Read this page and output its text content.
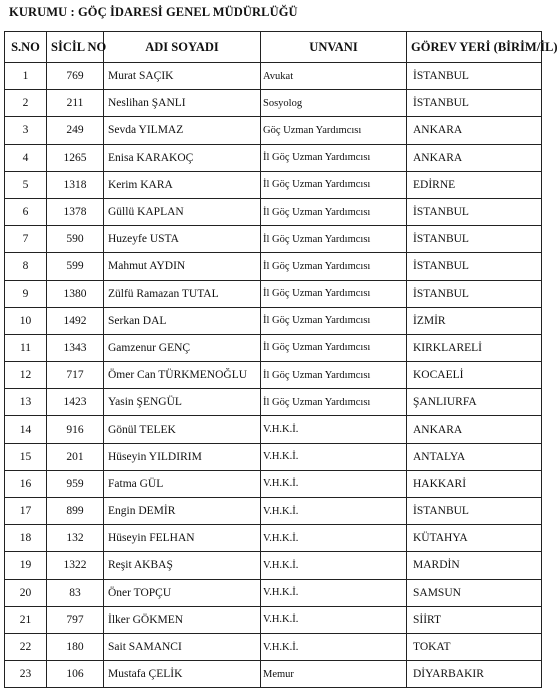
KURUMU : GÖÇ İDARESİ GENEL MÜDÜRLÜĞÜ
S.NO	SİCİL NO	ADI SOYADI	UNVANI	GÖREV YERİ (BİRİM/İL)
1	769	Murat SAÇIK	Avukat	İSTANBUL
2	211	Neslihan ŞANLI	Sosyolog	İSTANBUL
3	249	Sevda YILMAZ	Göç Uzman Yardımcısı	ANKARA
4	1265	Enisa KARAKOÇ	İl Göç Uzman Yardımcısı	ANKARA
5	1318	Kerim KARA	İl Göç Uzman Yardımcısı	EDİRNE
6	1378	Güllü KAPLAN	İl Göç Uzman Yardımcısı	İSTANBUL
7	590	Huzeyfe USTA	İl Göç Uzman Yardımcısı	İSTANBUL
8	599	Mahmut AYDIN	İl Göç Uzman Yardımcısı	İSTANBUL
9	1380	Zülfü Ramazan TUTAL	İl Göç Uzman Yardımcısı	İSTANBUL
10	1492	Serkan DAL	İl Göç Uzman Yardımcısı	İZMİR
11	1343	Gamzenur GENÇ	İl Göç Uzman Yardımcısı	KIRKLARELİ
12	717	Ömer Can TÜRKMENOĞLU	İl Göç Uzman Yardımcısı	KOCAELİ
13	1423	Yasin ŞENGÜL	İl Göç Uzman Yardımcısı	ŞANLIURFA
14	916	Gönül TELEK	V.H.K.İ.	ANKARA
15	201	Hüseyin YILDIRIM	V.H.K.İ.	ANTALYA
16	959	Fatma GÜL	V.H.K.İ.	HAKKARİ
17	899	Engin DEMİR	V.H.K.İ.	İSTANBUL
18	132	Hüseyin FELHAN	V.H.K.İ.	KÜTAHYA
19	1322	Reşit AKBAŞ	V.H.K.İ.	MARDİN
20	83	Öner TOPÇU	V.H.K.İ.	SAMSUN
21	797	İlker GÖKMEN	V.H.K.İ.	SİİRT
22	180	Sait SAMANCI	V.H.K.İ.	TOKAT
23	106	Mustafa ÇELİK	Memur	DİYARBAKIR
